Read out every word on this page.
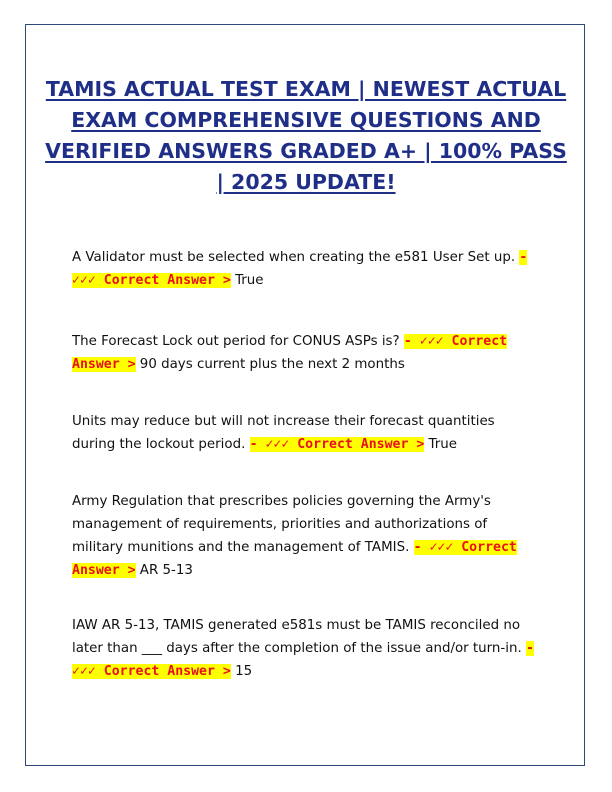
TAMIS ACTUAL TEST EXAM | NEWEST ACTUAL EXAM COMPREHENSIVE QUESTIONS AND VERIFIED ANSWERS GRADED A+ | 100% PASS | 2025 UPDATE!

A Validator must be selected when creating the e581 User Set up. - ✓✓✓ Correct Answer > True

The Forecast Lock out period for CONUS ASPs is? - ✓✓✓ Correct Answer > 90 days current plus the next 2 months

Units may reduce but will not increase their forecast quantities during the lockout period. - ✓✓✓ Correct Answer > True

Army Regulation that prescribes policies governing the Army's management of requirements, priorities and authorizations of military munitions and the management of TAMIS. - ✓✓✓ Correct Answer > AR 5-13

IAW AR 5-13, TAMIS generated e581s must be TAMIS reconciled no later than ___ days after the completion of the issue and/or turn-in. - ✓✓✓ Correct Answer > 15
